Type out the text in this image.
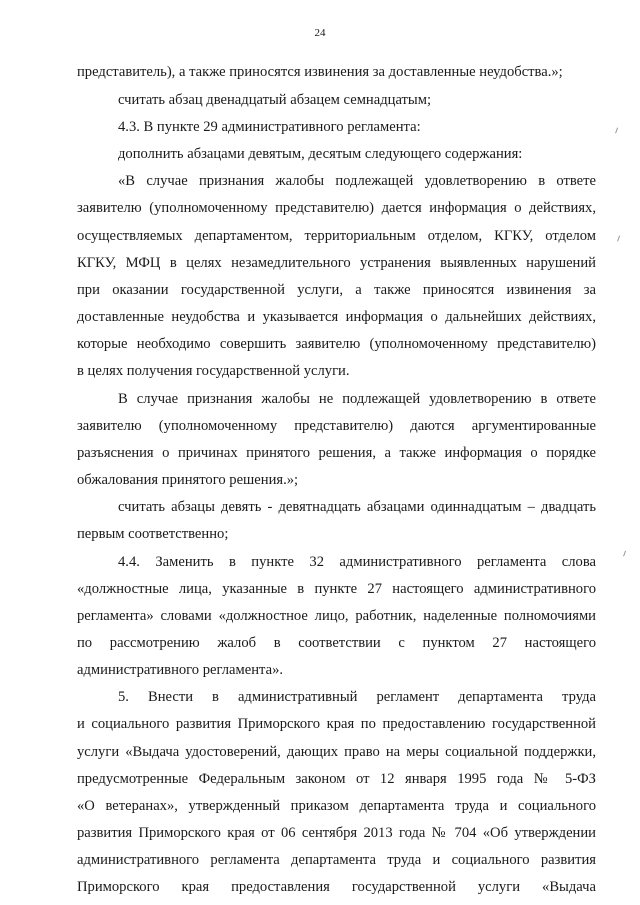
24
представитель), а также приносятся извинения за доставленные неудобства.»;
считать абзац двенадцатый абзацем семнадцатым;
4.3. В пункте 29 административного регламента:
дополнить абзацами девятым, десятым следующего содержания:
«В случае признания жалобы подлежащей удовлетворению в ответе
заявителю (уполномоченному представителю) дается информация о действиях,
осуществляемых департаментом, территориальным отделом, КГКУ, отделом
КГКУ, МФЦ в целях незамедлительного устранения выявленных нарушений
при оказании государственной услуги, а также приносятся извинения за
доставленные неудобства и указывается информация о дальнейших действиях,
которые необходимо совершить заявителю (уполномоченному представителю)
в целях получения государственной услуги.
В случае признания жалобы не подлежащей удовлетворению в ответе
заявителю (уполномоченному представителю) даются аргументированные
разъяснения о причинах принятого решения, а также информация о порядке
обжалования принятого решения.»;
считать абзацы девять - девятнадцать абзацами одиннадцатым – двадцать
первым соответственно;
4.4. Заменить в пункте 32 административного регламента слова
«должностные лица, указанные в пункте 27 настоящего административного
регламента» словами «должностное лицо, работник, наделенные полномочиями
по рассмотрению жалоб в соответствии с пунктом 27 настоящего
административного регламента».
5. Внести в административный регламент департамента труда
и социального развития Приморского края по предоставлению государственной
услуги «Выдача удостоверений, дающих право на меры социальной поддержки,
предусмотренные Федеральным законом от 12 января 1995 года № 5-ФЗ
«О ветеранах», утвержденный приказом департамента труда и социального
развития Приморского края от 06 сентября 2013 года № 704 «Об утверждении
административного регламента департамента труда и социального развития
Приморского края предоставления государственной услуги «Выдача
